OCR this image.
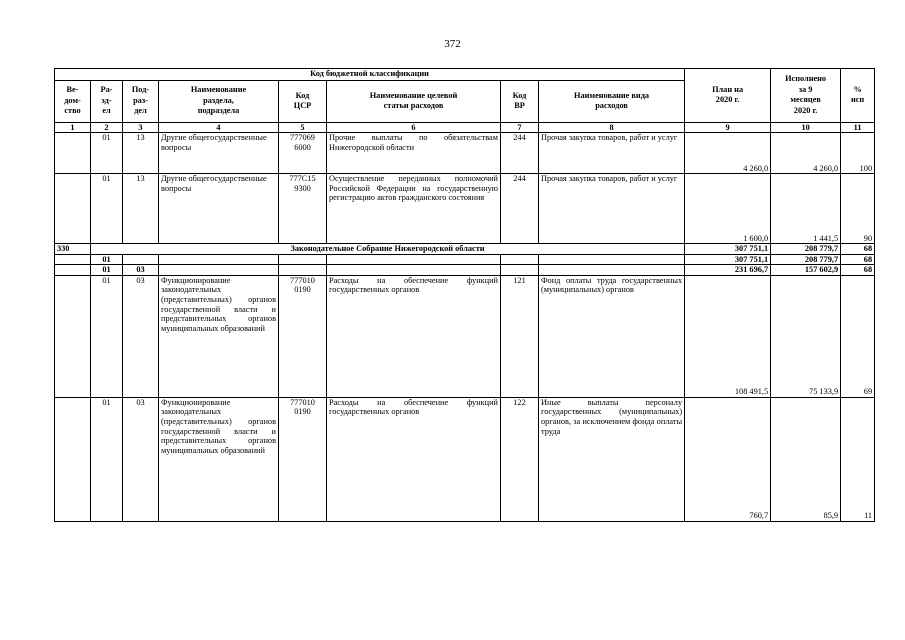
372
Код бюджетной классификации								План на
2020 г.	Исполнено
за 9
месяцев
2020 г.	%
исп
Ве-
дом-
ство	Ра-
зд-
ел	Под-
раз-
дел	Наименование
раздела,
подраздела	Код
ЦСР	Наименование целевой
статьи расходов	Код
ВР	Наименование вида
расходов			
1	2	3	4	5	6	7	8	9	10	11
	01	13	Другие общегосударственные вопросы	777069
6000	Прочие выплаты по обязательствам Нижегородской области	244	Прочая закупка товаров, работ и услуг	4 260,0	4 260,0	100
	01	13	Другие общегосударственные вопросы	777С15
9300	Осуществление переданных полномочий Российской Федерации на государственную регистрацию актов гражданского состояния	244	Прочая закупка товаров, работ и услуг	1 600,0	1 441,5	90
330	Законодательное Собрание Нижегородской области							307 751,1	208 779,7	68
	01							307 751,1	208 779,7	68
	01	03						231 696,7	157 602,9	68
	01	03	Функционирование законодательных (представительных) органов государственной власти и представительных органов муниципальных образований	777010
0190	Расходы на обеспечение функций государственных органов	121	Фонд оплаты труда государственных (муниципальных) органов	108 491,5	75 133,9	69
	01	03	Функционирование законодательных (представительных) органов государственной власти и представительных органов муниципальных образований	777010
0190	Расходы на обеспечение функций государственных органов	122	Иные выплаты персоналу государственных (муниципальных) органов, за исключением фонда оплаты труда	760,7	85,9	11
